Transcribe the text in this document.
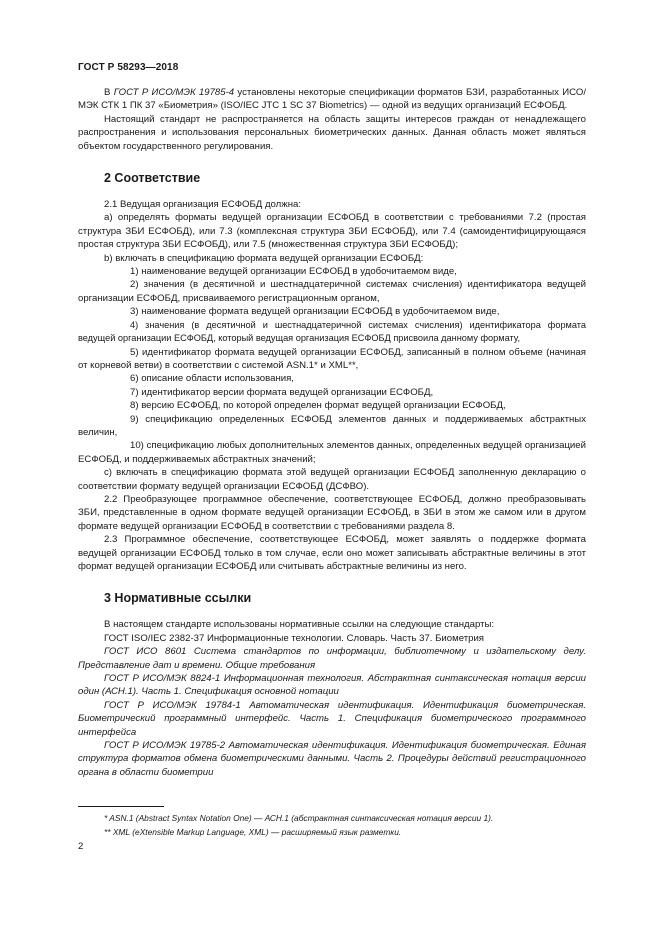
ГОСТ Р 58293—2018

В ГОСТ Р ИСО/МЭК 19785-4 установлены некоторые спецификации форматов БЗИ, разработанных ИСО/МЭК СТК 1 ПК 37 «Биометрия» (ISO/IEC JTC 1 SC 37 Biometrics) — одной из ведущих организаций ЕСФОБД.

Настоящий стандарт не распространяется на область защиты интересов граждан от ненадлежащего распространения и использования персональных биометрических данных. Данная область может являться объектом государственного регулирования.

2 Соответствие

2.1 Ведущая организация ЕСФОБД должна:

а) определять форматы ведущей организации ЕСФОБД в соответствии с требованиями 7.2 (простая структура ЗБИ ЕСФОБД), или 7.3 (комплексная структура ЗБИ ЕСФОБД), или 7.4 (самоидентифицирующаяся простая структура ЗБИ ЕСФОБД), или 7.5 (множественная структура ЗБИ ЕСФОБД);

b) включать в спецификацию формата ведущей организации ЕСФОБД:

1) наименование ведущей организации ЕСФОБД в удобочитаемом виде,

2) значения (в десятичной и шестнадцатеричной системах счисления) идентификатора ведущей организации ЕСФОБД, присваиваемого регистрационным органом,

3) наименование формата ведущей организации ЕСФОБД в удобочитаемом виде,

4) значения (в десятичной и шестнадцатеричной системах счисления) идентификатора формата ведущей организации ЕСФОБД, который ведущая организация ЕСФОБД присвоила данному формату,

5) идентификатор формата ведущей организации ЕСФОБД, записанный в полном объеме (начиная от корневой ветви) в соответствии с системой ASN.1* и XML**,

6) описание области использования,

7) идентификатор версии формата ведущей организации ЕСФОБД,

8) версию ЕСФОБД, по которой определен формат ведущей организации ЕСФОБД,

9) спецификацию определенных ЕСФОБД элементов данных и поддерживаемых абстрактных величин,

10) спецификацию любых дополнительных элементов данных, определенных ведущей организацией ЕСФОБД, и поддерживаемых абстрактных значений;

c) включать в спецификацию формата этой ведущей организации ЕСФОБД заполненную декларацию о соответствии формату ведущей организации ЕСФОБД (ДСФВО).

2.2 Преобразующее программное обеспечение, соответствующее ЕСФОБД, должно преобразовывать ЗБИ, представленные в одном формате ведущей организации ЕСФОБД, в ЗБИ в этом же самом или в другом формате ведущей организации ЕСФОБД в соответствии с требованиями раздела 8.

2.3 Программное обеспечение, соответствующее ЕСФОБД, может заявлять о поддержке формата ведущей организации ЕСФОБД только в том случае, если оно может записывать абстрактные величины в этот формат ведущей организации ЕСФОБД или считывать абстрактные величины из него.

3 Нормативные ссылки

В настоящем стандарте использованы нормативные ссылки на следующие стандарты:

ГОСТ ISO/IEC 2382-37 Информационные технологии. Словарь. Часть 37. Биометрия

ГОСТ ИСО 8601 Система стандартов по информации, библиотечному и издательскому делу. Представление дат и времени. Общие требования

ГОСТ Р ИСО/МЭК 8824-1 Информационная технология. Абстрактная синтаксическая нотация версии один (АСН.1). Часть 1. Спецификация основной нотации

ГОСТ Р ИСО/МЭК 19784-1 Автоматическая идентификация. Идентификация биометрическая. Биометрический программный интерфейс. Часть 1. Спецификация биометрического программного интерфейса

ГОСТ Р ИСО/МЭК 19785-2 Автоматическая идентификация. Идентификация биометрическая. Единая структура форматов обмена биометрическими данными. Часть 2. Процедуры действий регистрационного органа в области биометрии

* ASN.1 (Abstract Syntax Notation One) — АСН.1 (абстрактная синтаксическая нотация версии 1).

** XML (eXtensible Markup Language, XML) — расширяемый язык разметки.

2
